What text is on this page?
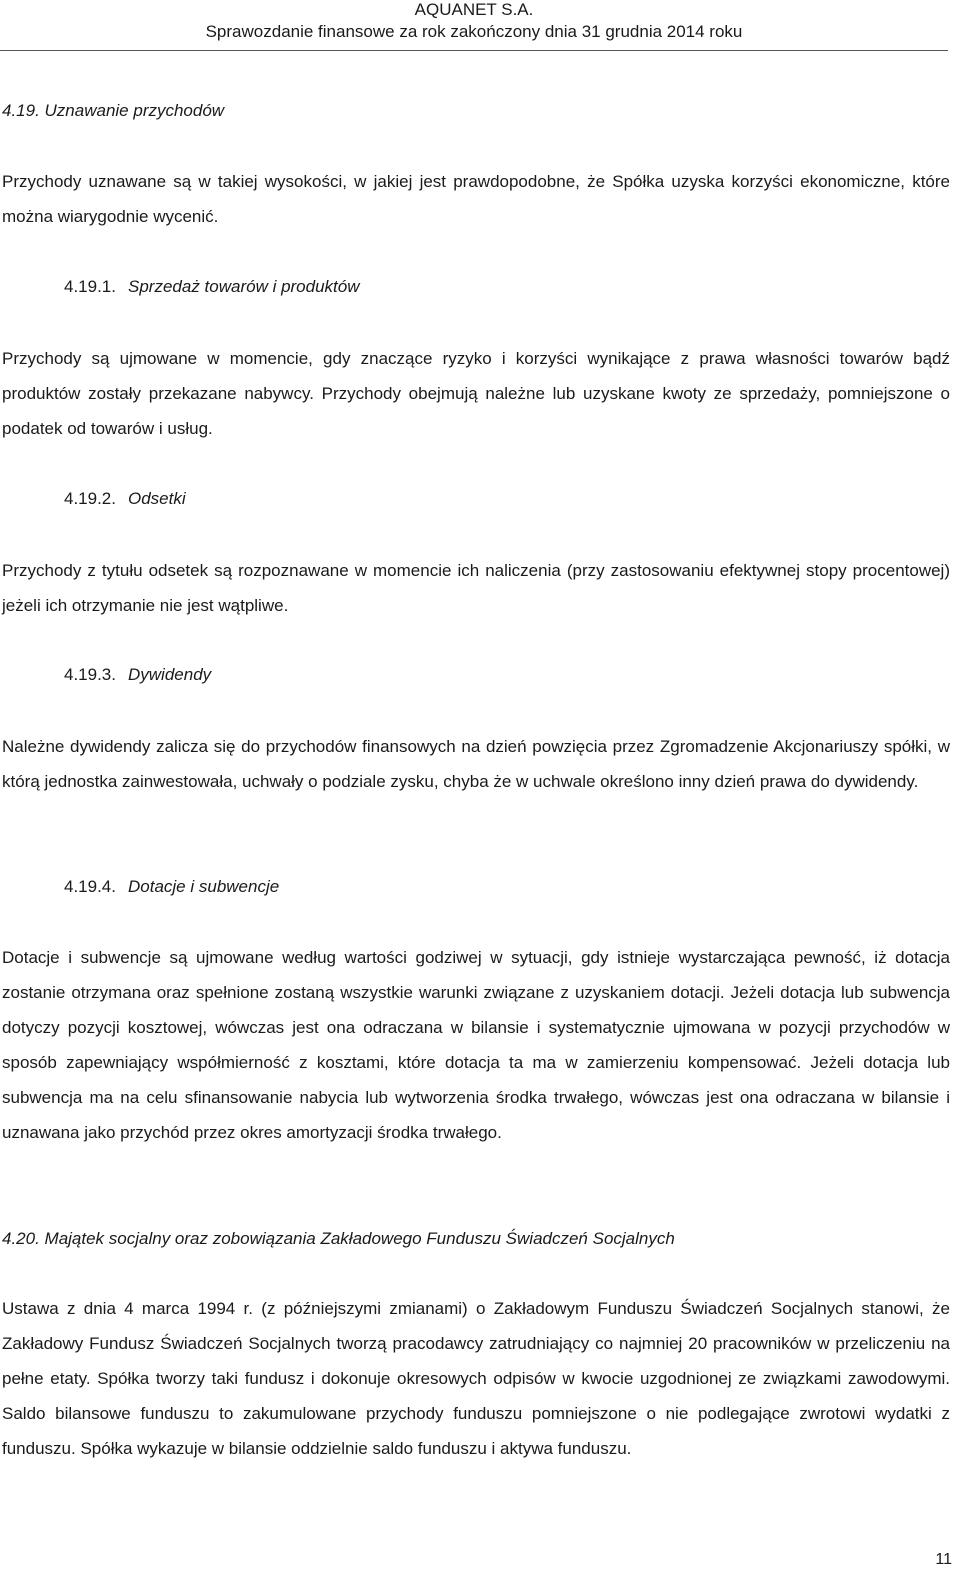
AQUANET S.A.
Sprawozdanie finansowe za rok zakończony dnia 31 grudnia 2014 roku
4.19. Uznawanie przychodów
Przychody uznawane są w takiej wysokości, w jakiej jest prawdopodobne, że Spółka uzyska korzyści ekonomiczne, które można wiarygodnie wycenić.
4.19.1. Sprzedaż towarów i produktów
Przychody są ujmowane w momencie, gdy znaczące ryzyko i korzyści wynikające z prawa własności towarów bądź produktów zostały przekazane nabywcy. Przychody obejmują należne lub uzyskane kwoty ze sprzedaży, pomniejszone o podatek od towarów i usług.
4.19.2. Odsetki
Przychody z tytułu odsetek są rozpoznawane w momencie ich naliczenia (przy zastosowaniu efektywnej stopy procentowej) jeżeli ich otrzymanie nie jest wątpliwe.
4.19.3. Dywidendy
Należne dywidendy zalicza się do przychodów finansowych na dzień powzięcia przez Zgromadzenie Akcjonariuszy spółki, w którą jednostka zainwestowała, uchwały o podziale zysku, chyba że w uchwale określono inny dzień prawa do dywidendy.
4.19.4. Dotacje i subwencje
Dotacje i subwencje są ujmowane według wartości godziwej w sytuacji, gdy istnieje wystarczająca pewność, iż dotacja zostanie otrzymana oraz spełnione zostaną wszystkie warunki związane z uzyskaniem dotacji. Jeżeli dotacja lub subwencja dotyczy pozycji kosztowej, wówczas jest ona odraczana w bilansie i systematycznie ujmowana w pozycji przychodów w sposób zapewniający współmierność z kosztami, które dotacja ta ma w zamierzeniu kompensować. Jeżeli dotacja lub subwencja ma na celu sfinansowanie nabycia lub wytworzenia środka trwałego, wówczas jest ona odraczana w bilansie i uznawana jako przychód przez okres amortyzacji środka trwałego.
4.20. Majątek socjalny oraz zobowiązania Zakładowego Funduszu Świadczeń Socjalnych
Ustawa z dnia 4 marca 1994 r. (z późniejszymi zmianami) o Zakładowym Funduszu Świadczeń Socjalnych stanowi, że Zakładowy Fundusz Świadczeń Socjalnych tworzą pracodawcy zatrudniający co najmniej 20 pracowników w przeliczeniu na pełne etaty. Spółka tworzy taki fundusz i dokonuje okresowych odpisów w kwocie uzgodnionej ze związkami zawodowymi. Saldo bilansowe funduszu to zakumulowane przychody funduszu pomniejszone o nie podlegające zwrotowi wydatki z funduszu. Spółka wykazuje w bilansie oddzielnie saldo funduszu i aktywa funduszu.
11
